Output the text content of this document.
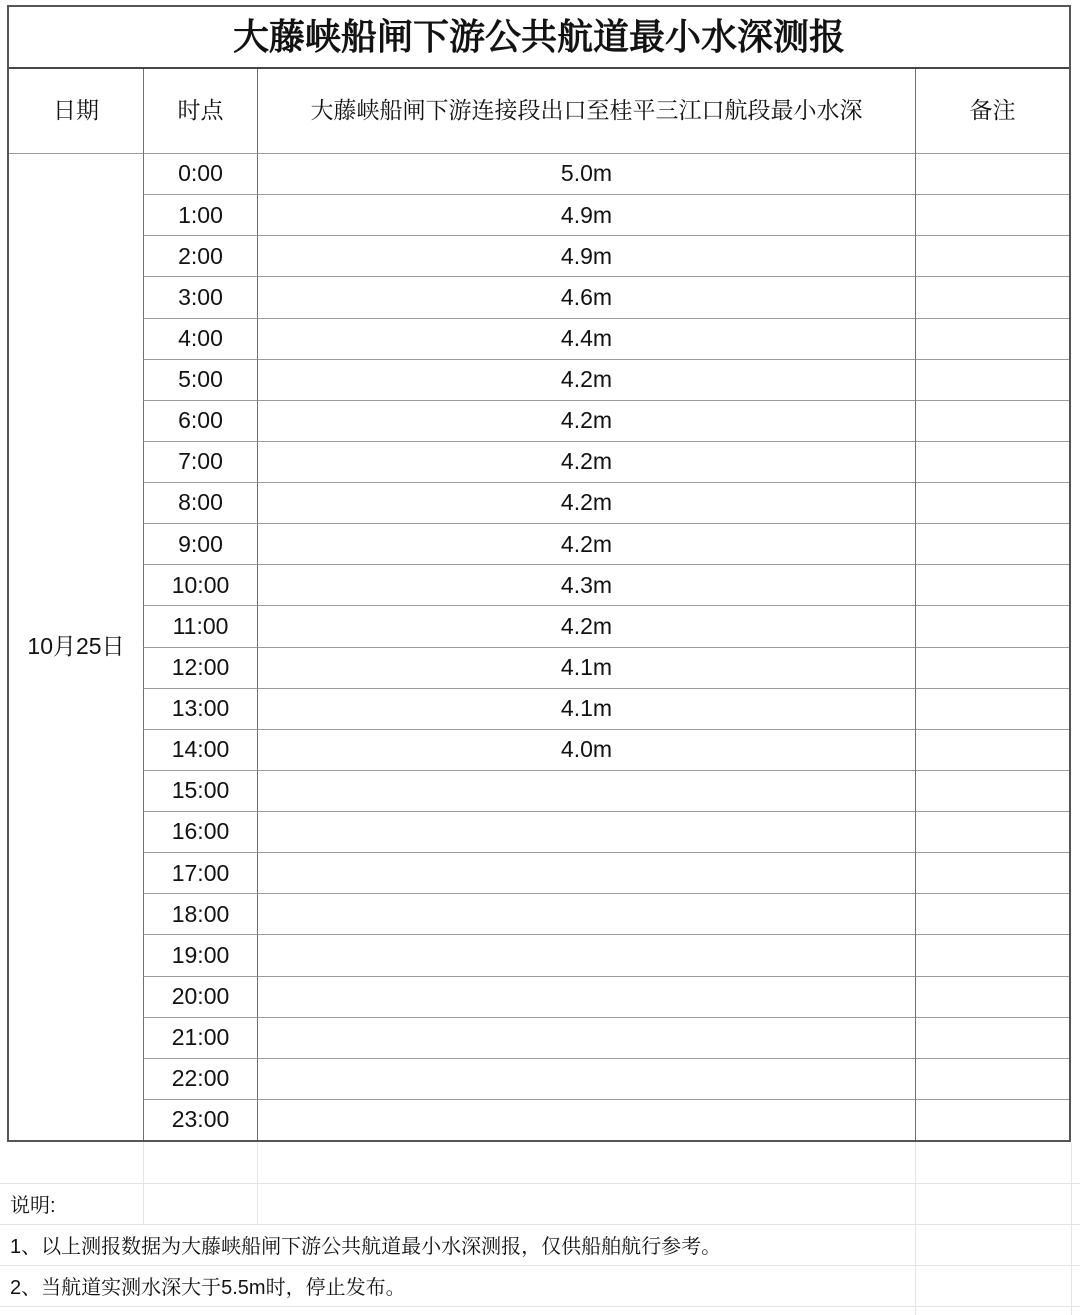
大藤峡船闸下游公共航道最小水深测报
日期	时点	大藤峡船闸下游连接段出口至桂平三江口航段最小水深	备注
10月25日
0:00	5.0m
1:00	4.9m
2:00	4.9m
3:00	4.6m
4:00	4.4m
5:00	4.2m
6:00	4.2m
7:00	4.2m
8:00	4.2m
9:00	4.2m
10:00	4.3m
11:00	4.2m
12:00	4.1m
13:00	4.1m
14:00	4.0m
15:00
16:00
17:00
18:00
19:00
20:00
21:00
22:00
23:00
说明:
1、以上测报数据为大藤峡船闸下游公共航道最小水深测报，仅供船舶航行参考。
2、当航道实测水深大于5.5m时，停止发布。
